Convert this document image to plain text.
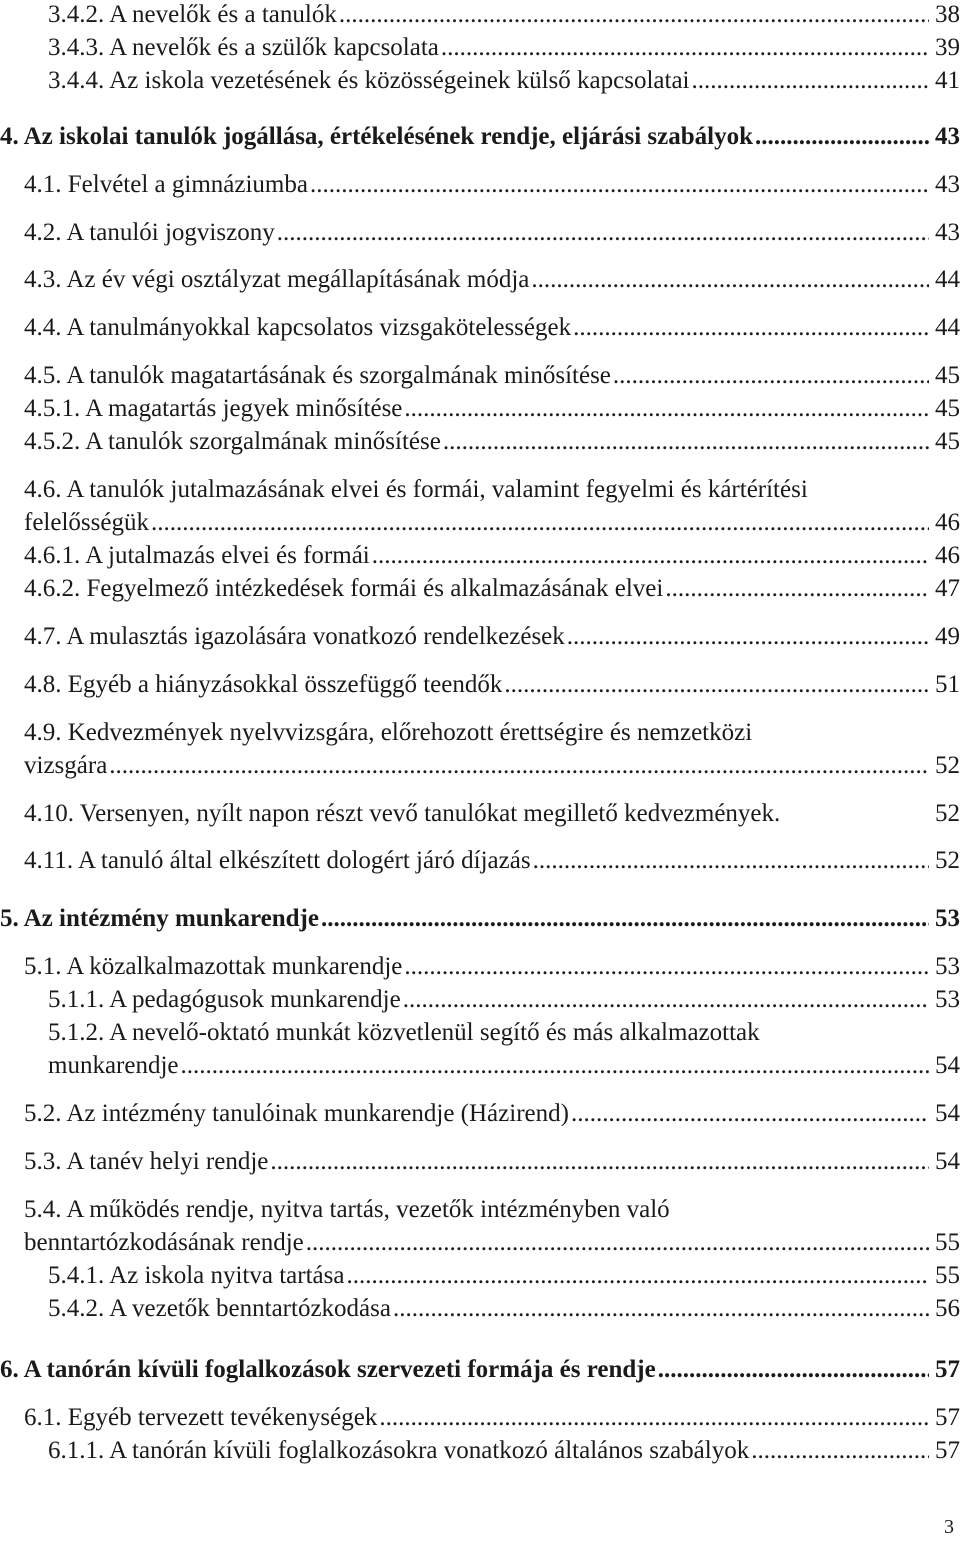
3.4.2. A nevelők és a tanulók .....	38
3.4.3. A nevelők és a szülők kapcsolata .....	39
3.4.4. Az iskola vezetésének és közösségeinek külső kapcsolatai .....	41
4. Az iskolai tanulók jogállása, értékelésének rendje, eljárási szabályok .....	43
4.1. Felvétel a gimnáziumba .....	43
4.2. A tanulói jogviszony .....	43
4.3. Az év végi osztályzat megállapításának módja .....	44
4.4. A tanulmányokkal kapcsolatos vizsgakötelességek .....	44
4.5. A tanulók magatartásának és szorgalmának minősítése .....	45
4.5.1. A magatartás jegyek minősítése .....	45
4.5.2. A tanulók szorgalmának minősítése .....	45
4.6. A tanulók jutalmazásának elvei és formái, valamint fegyelmi és kártérítési
felelősségük .....	46
4.6.1. A jutalmazás elvei és formái .....	46
4.6.2. Fegyelmező intézkedések formái és alkalmazásának elvei .....	47
4.7. A mulasztás igazolására vonatkozó rendelkezések .....	49
4.8. Egyéb a hiányzásokkal összefüggő teendők .....	51
4.9. Kedvezmények nyelvvizsgára, előrehozott érettségire és nemzetközi
vizsgára .....	52
4.10. Versenyen, nyílt napon részt vevő tanulókat megillető kedvezmények.	52
4.11. A tanuló által elkészített dologért járó díjazás .....	52
5. Az intézmény munkarendje .....	53
5.1. A közalkalmazottak munkarendje .....	53
5.1.1. A pedagógusok munkarendje .....	53
5.1.2. A nevelő-oktató munkát közvetlenül segítő és más alkalmazottak
munkarendje .....	54
5.2. Az intézmény tanulóinak munkarendje (Házirend) .....	54
5.3. A tanév helyi rendje .....	54
5.4. A működés rendje, nyitva tartás, vezetők intézményben való
benntartózkodásának rendje .....	55
5.4.1. Az iskola nyitva tartása .....	55
5.4.2. A vezetők benntartózkodása .....	56
6. A tanórán kívüli foglalkozások szervezeti formája és rendje .....	57
6.1. Egyéb tervezett tevékenységek .....	57
6.1.1. A tanórán kívüli foglalkozásokra vonatkozó általános szabályok .....	57
3
